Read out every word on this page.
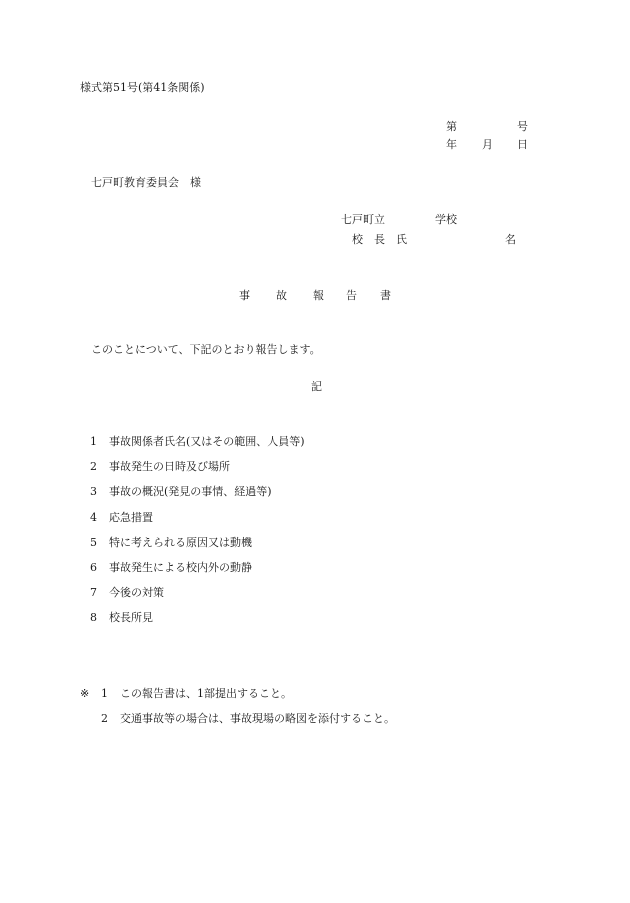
様式第51号(第41条関係)
第	号
年 月 日
七戸町教育委員会　様
七戸町立	学校
校　長　氏	名
事 故 報 告 書
このことについて、下記のとおり報告します。
記
1	事故関係者氏名(又はその範囲、人員等)
2	事故発生の日時及び場所
3	事故の概況(発見の事情、経過等)
4	応急措置
5	特に考えられる原因又は動機
6	事故発生による校内外の動静
7	今後の対策
8	校長所見
※ 1	この報告書は、1部提出すること。
2	交通事故等の場合は、事故現場の略図を添付すること。
